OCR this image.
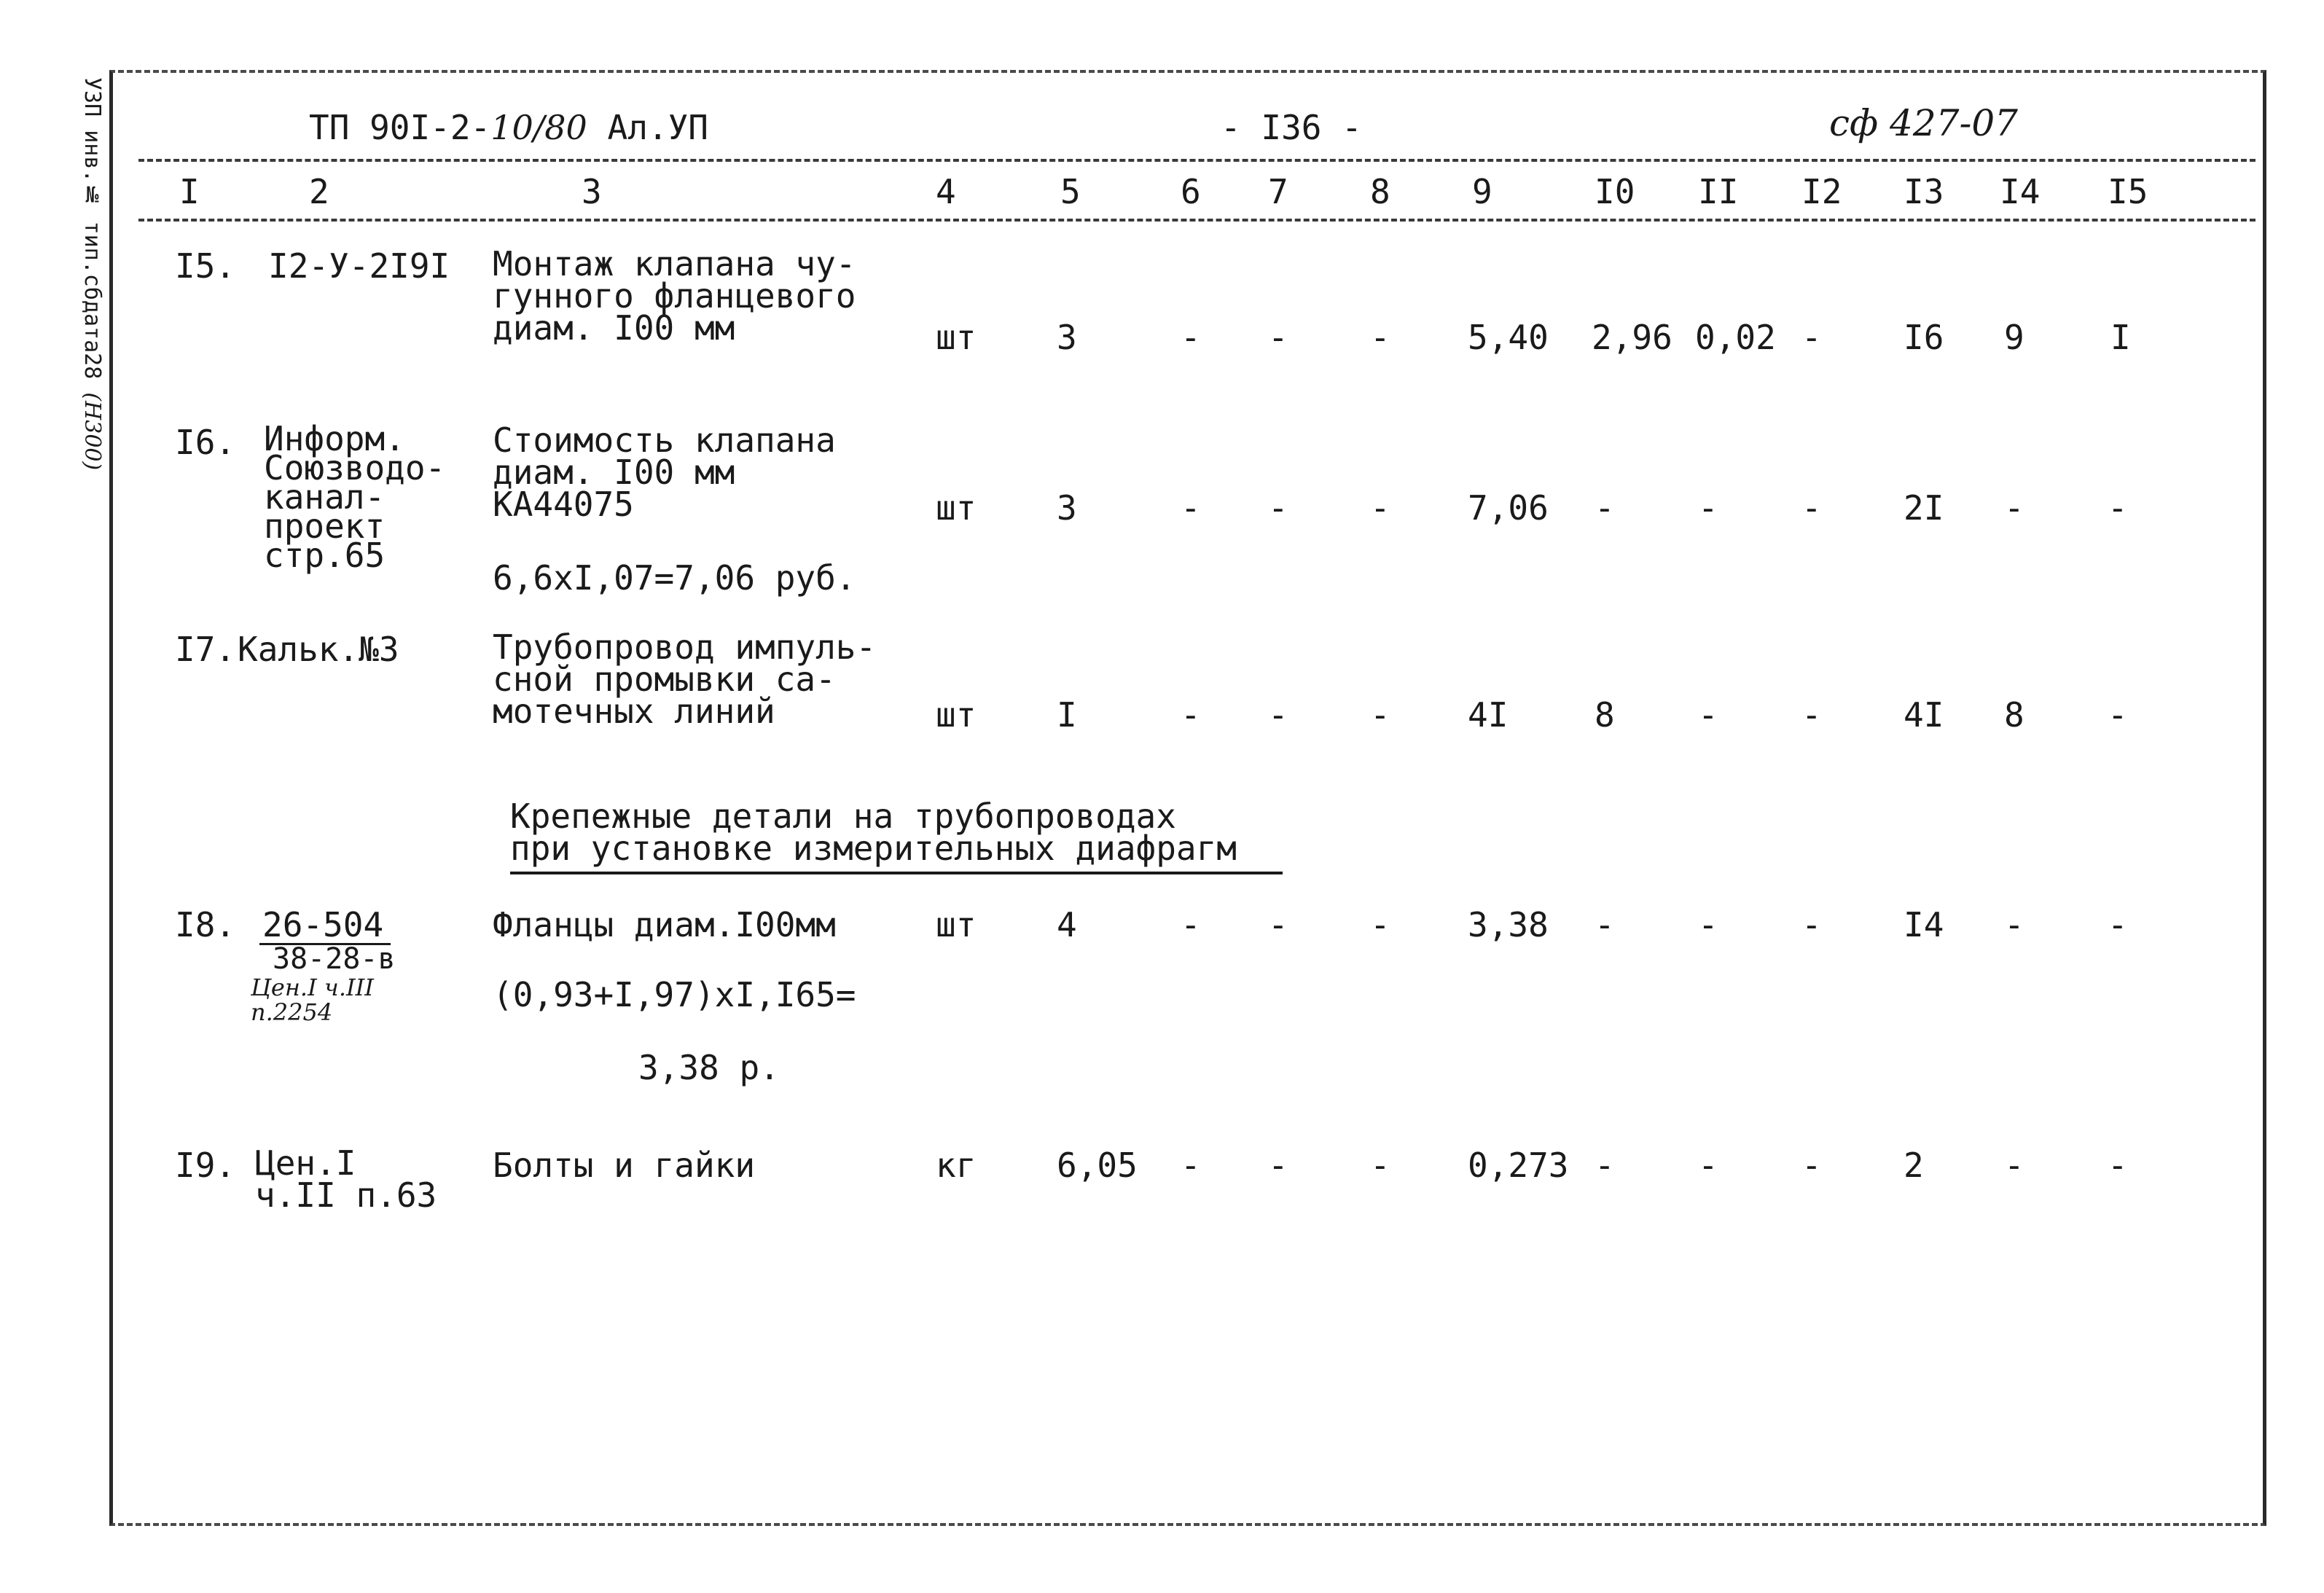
УЗП инв.№ тип.сбдата28 (Н300)
ТП 90I-2-10/80 Ал.УП	- I36 -	сф 427-07
I	2	3	4	5	6 7 8 9	I0 II I2 I3 I4 I5
I5. I2-У-2I9I Монтаж клапана чу-
гунного фланцевого
диам. I00 мм	шт 3	- - - 5,40 2,96 0,02 - I6 9	I
I6. Информ.
Союзводо-
канал-
проект
стр.65
Стоимость клапана
диам. I00 мм
КА44075
6,6xI,07=7,06 руб.
шт 3	- - - 7,06 - - - 2I - -
I7. Кальк.№3	Трубопровод импуль-
сной промывки са-
мотечных линий	шт I	- - - 4I	8 - - 4I 8 -
Крепежные детали на трубопроводах
при установке измерительных диафрагм
I8. 26-504
38-28-в
Цен.I ч.III
п.2254
Фланцы диам.I00мм
(0,93+I,97)xI,I65=
3,38 р.
шт 4	- - - 3,38 - - - I4 - -
I9. Цен.I
ч.II п.63
Болты и гайки	кг 6,05 - - - 0,273 - - - 2 - -
